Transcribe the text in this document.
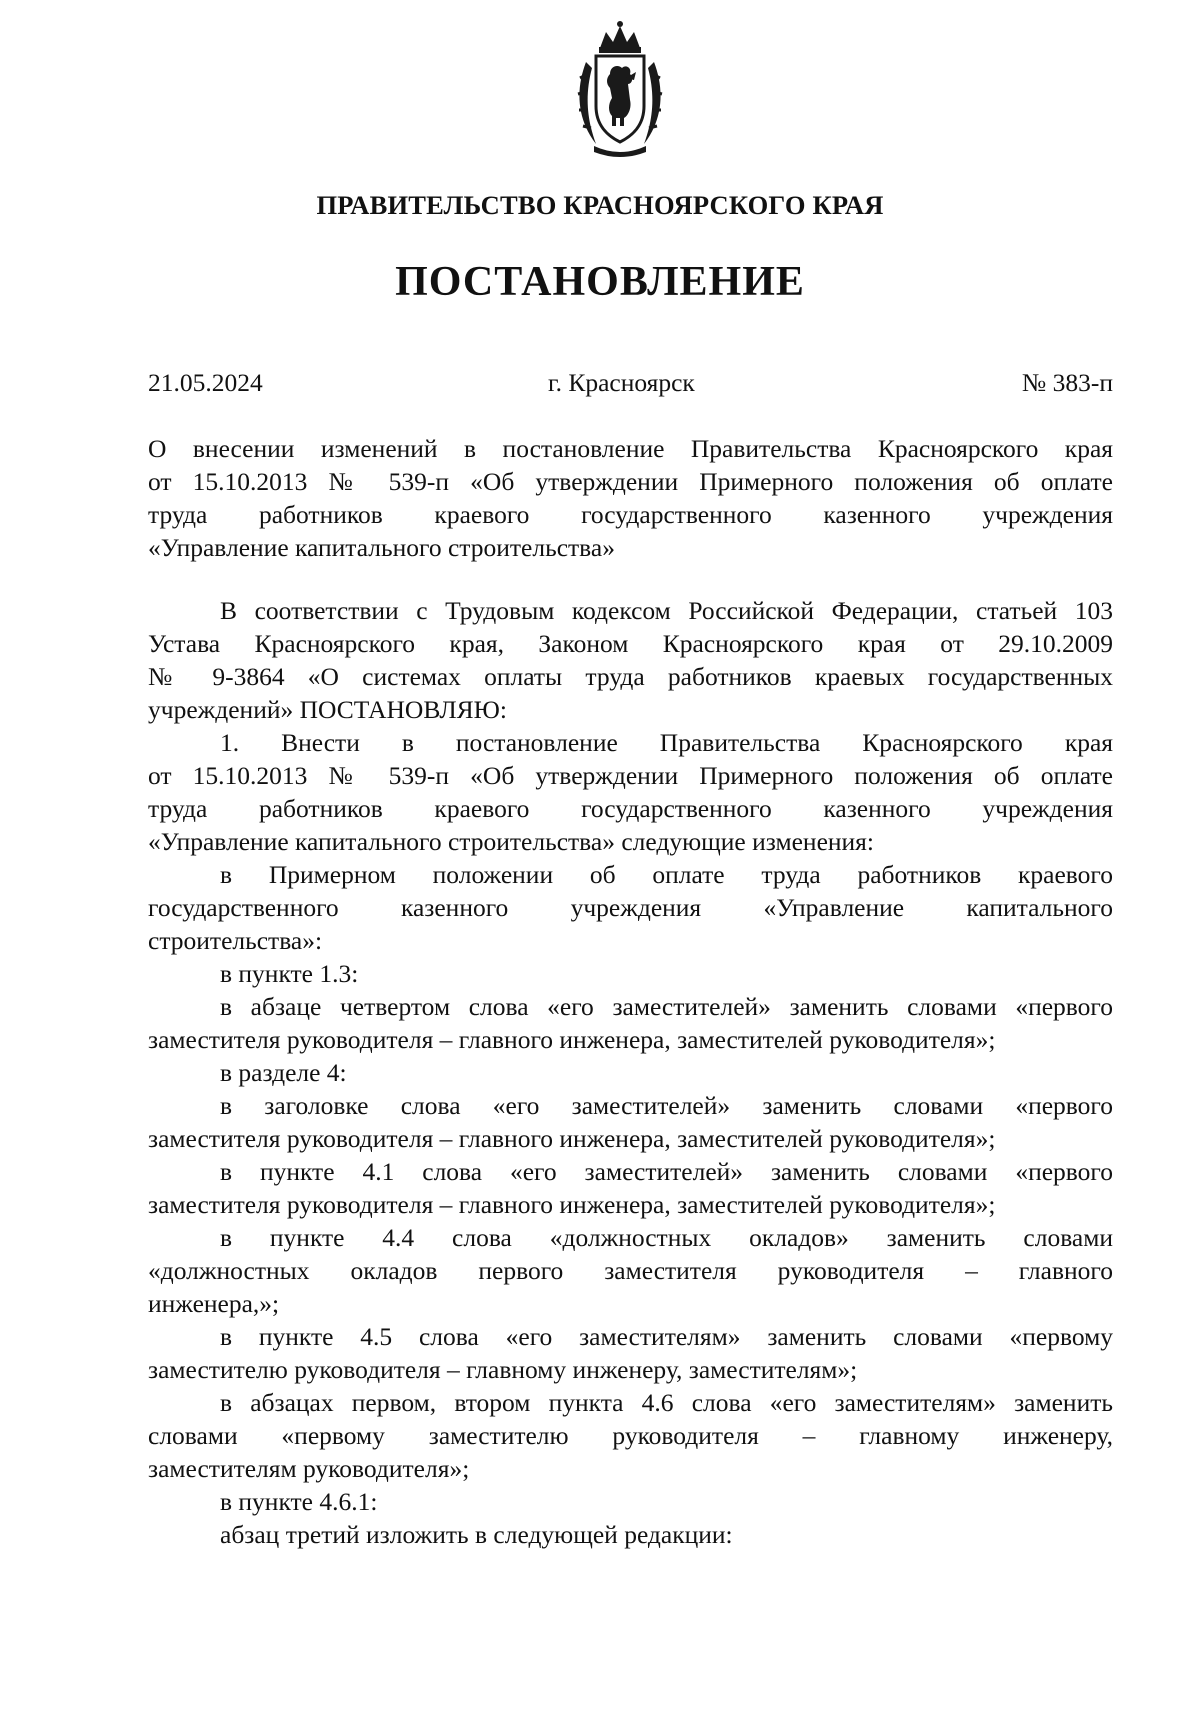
ПРАВИТЕЛЬСТВО КРАСНОЯРСКОГО КРАЯ
ПОСТАНОВЛЕНИЕ
21.05.2024	г. Красноярск	№ 383-п
О внесении изменений в постановление Правительства Красноярского края
от 15.10.2013 № 539-п «Об утверждении Примерного положения об оплате
труда работников краевого государственного казенного учреждения
«Управление капитального строительства»
В соответствии с Трудовым кодексом Российской Федерации, статьей 103
Устава Красноярского края, Законом Красноярского края от 29.10.2009
№ 9-3864 «О системах оплаты труда работников краевых государственных
учреждений» ПОСТАНОВЛЯЮ:
1. Внести в постановление Правительства Красноярского края
от 15.10.2013 № 539-п «Об утверждении Примерного положения об оплате
труда работников краевого государственного казенного учреждения
«Управление капитального строительства» следующие изменения:
в Примерном положении об оплате труда работников краевого
государственного казенного учреждения «Управление капитального
строительства»:
в пункте 1.3:
в абзаце четвертом слова «его заместителей» заменить словами «первого
заместителя руководителя – главного инженера, заместителей руководителя»;
в разделе 4:
в заголовке слова «его заместителей» заменить словами «первого
заместителя руководителя – главного инженера, заместителей руководителя»;
в пункте 4.1 слова «его заместителей» заменить словами «первого
заместителя руководителя – главного инженера, заместителей руководителя»;
в пункте 4.4 слова «должностных окладов» заменить словами
«должностных окладов первого заместителя руководителя – главного
инженера,»;
в пункте 4.5 слова «его заместителям» заменить словами «первому
заместителю руководителя – главному инженеру, заместителям»;
в абзацах первом, втором пункта 4.6 слова «его заместителям» заменить
словами «первому заместителю руководителя – главному инженеру,
заместителям руководителя»;
в пункте 4.6.1:
абзац третий изложить в следующей редакции:
